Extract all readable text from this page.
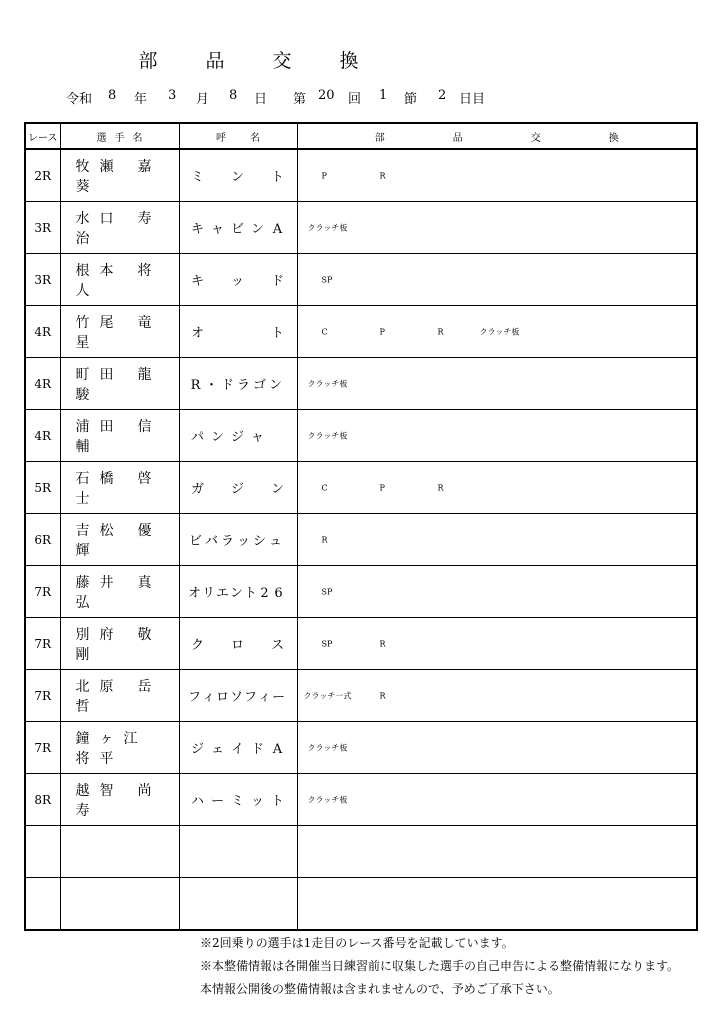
部 品 交 換
令和 8 年 3 月 8 日 第 20 回 1 節 2 日目
レース	選 手 名	呼 名	部 品 交 換
2R	牧 瀬 嘉葵	ミ ン ト	P R

3R	水 口 寿治	キ ャ ビ ン A	クラッチ板

3R	根 本 将人	キ ッ ド	SP

4R	竹 尾 竜星	オ ト	C P R クラッチ板

4R	町 田 龍駿	R ・ ド ラ ゴ ン	クラッチ板

4R	浦 田 信輔	パ ン ジ ャ	クラッチ板

5R	石 橋 啓士	ガ ジ ン	C P R

6R	吉 松 優輝	ビ バ ラ ッ シ ュ	R

7R	藤 井 真弘	オリエント 2 6	SP

7R	別 府 敬剛	ク ロ ス	SP R

7R	北 原 岳哲	フィロソフィー	クラッチ一式 R

7R	鐘 ヶ 江将 平	ジ ェ イ ド A	クラッチ板

8R	越 智 尚寿	ハ ー ミ ッ ト	クラッチ板

※2回乗りの選手は1走目のレース番号を記載しています。
※本整備情報は各開催当日練習前に収集した選手の自己申告による整備情報になります。
本情報公開後の整備情報は含まれませんので、予めご了承下さい。
